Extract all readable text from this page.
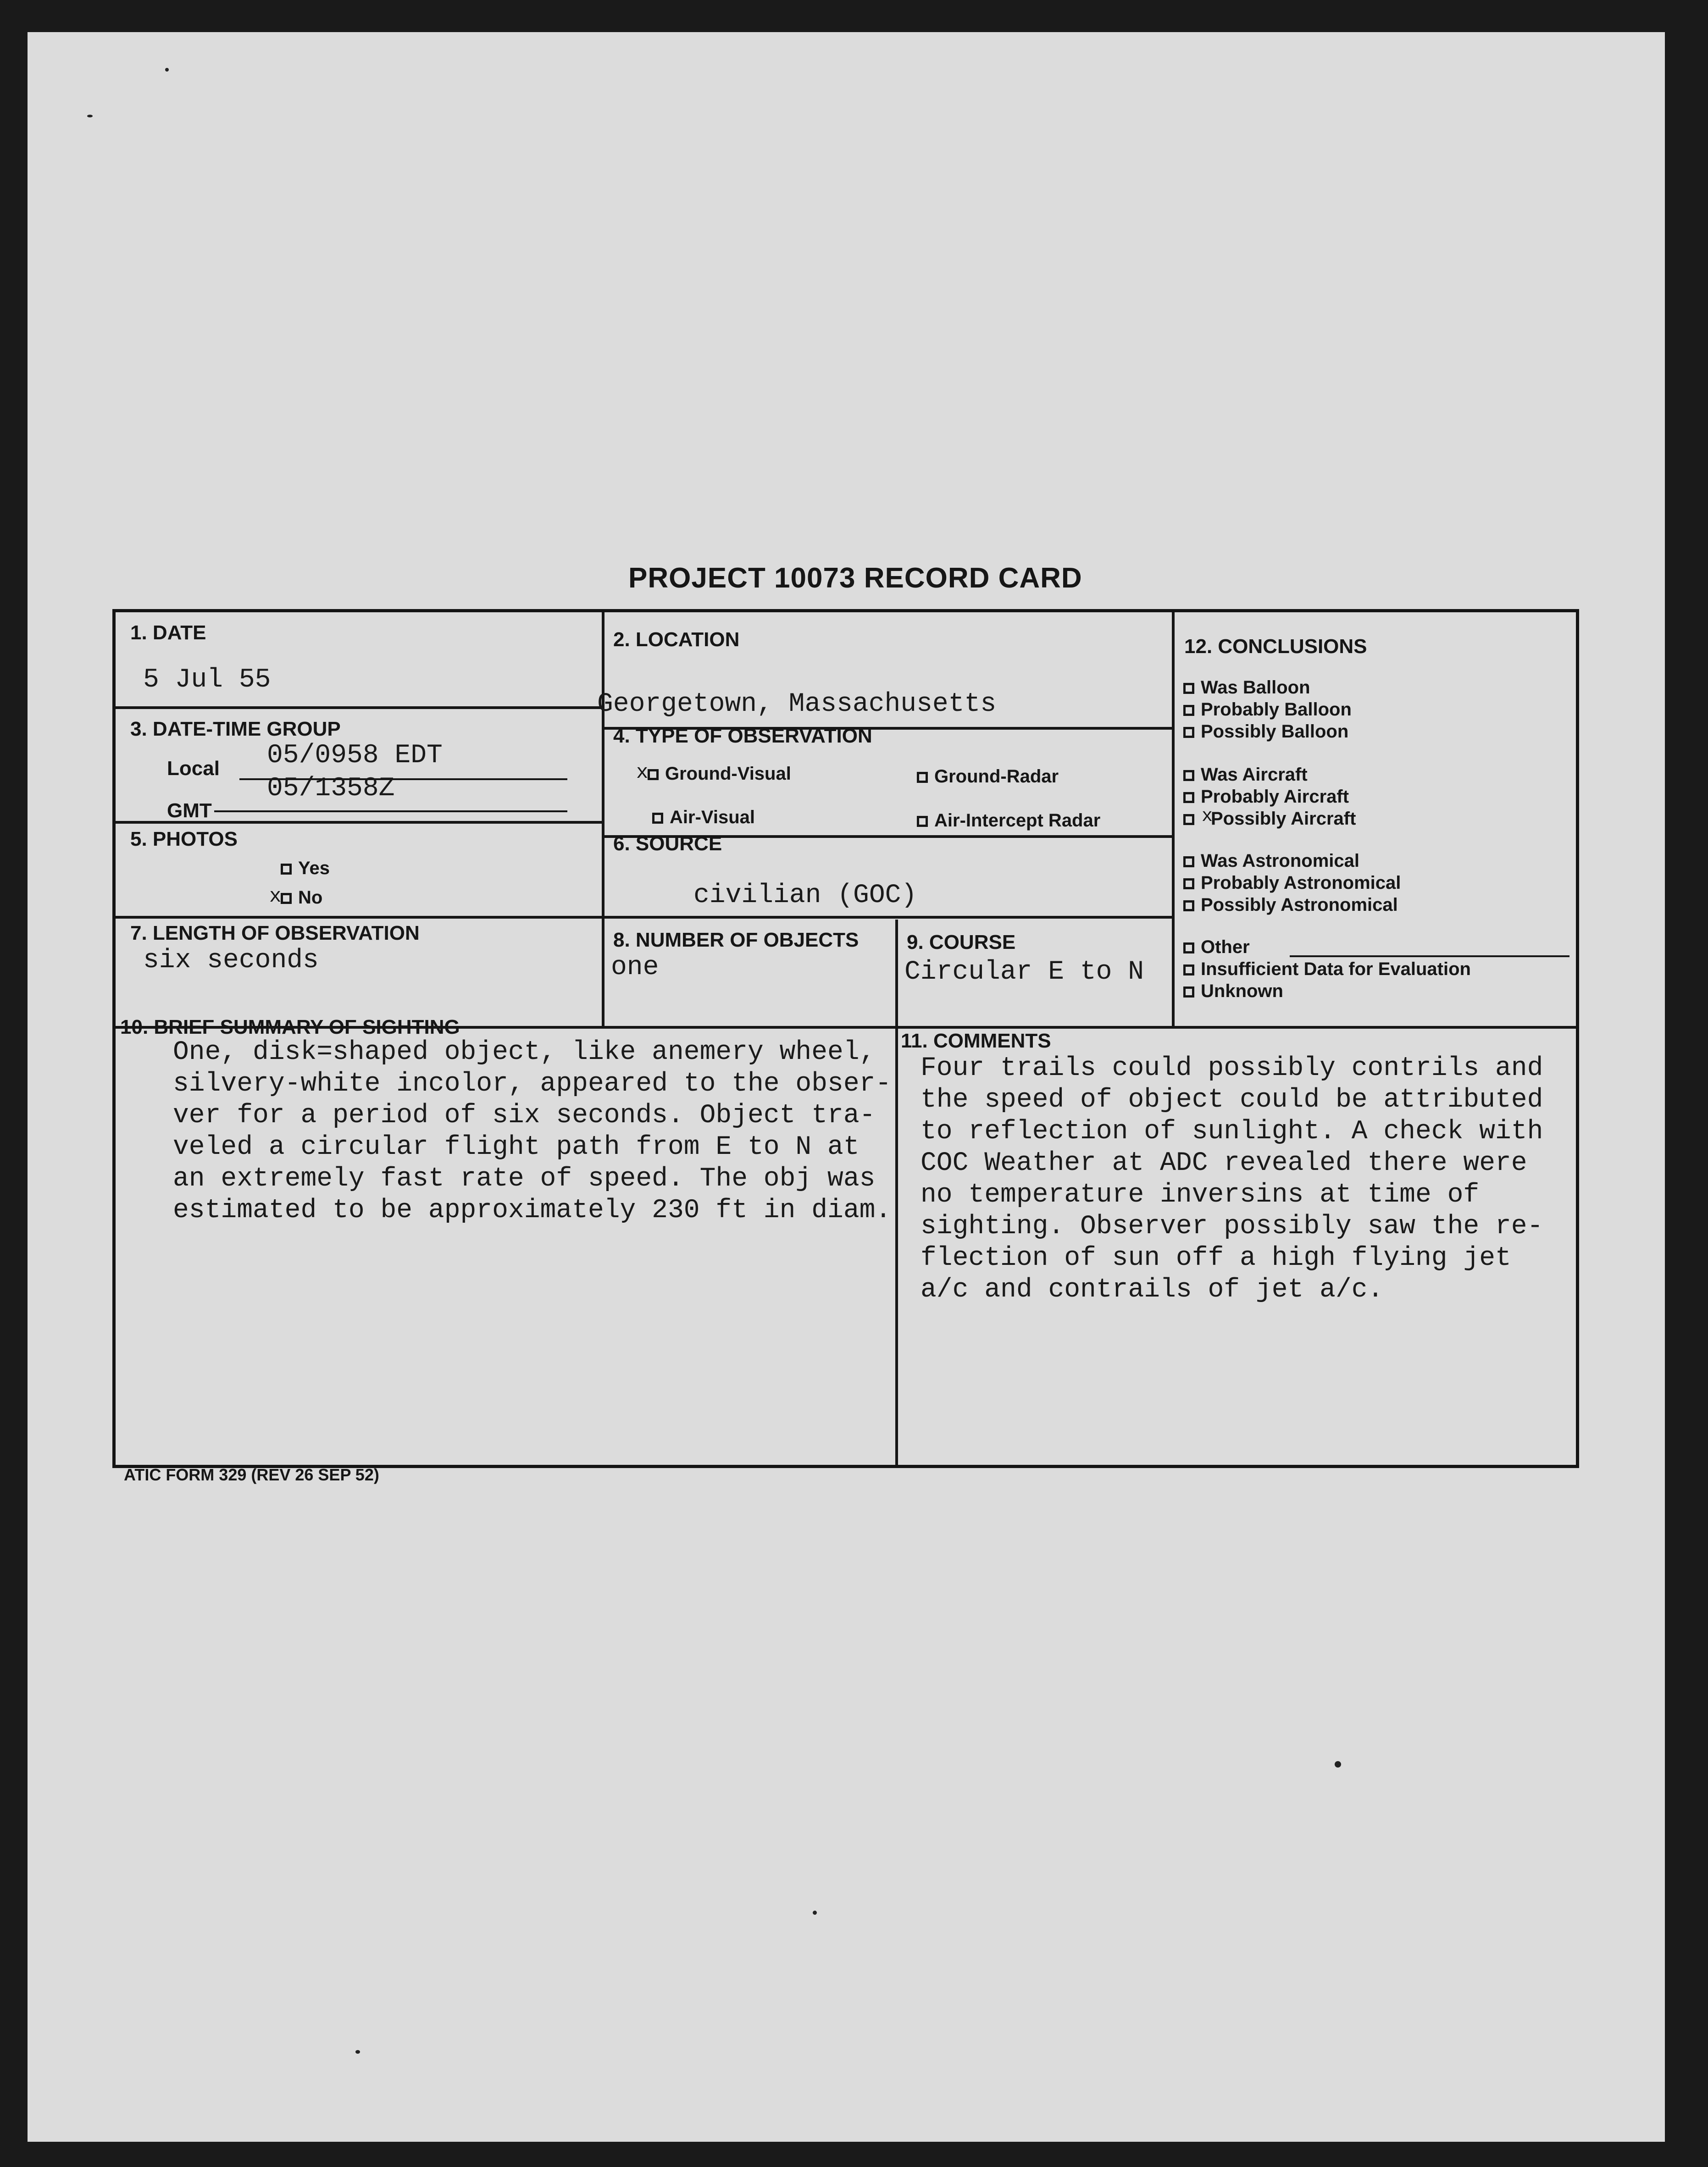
PROJECT 10073 RECORD CARD
1. DATE
5 Jul 55
2. LOCATION
Georgetown, Massachusetts
3. DATE-TIME GROUP
Local 05/0958 EDT
GMT
05/1358Z
4. TYPE OF OBSERVATION
xGround-Visual	Ground-Radar
Air-Visual	Air-Intercept Radar
5. PHOTOS
Yes
xNo
6. SOURCE
civilian (GOC)
7. LENGTH OF OBSERVATION
six seconds
8. NUMBER OF OBJECTS
one
9. COURSE
Circular E to N
12. CONCLUSIONS
Was Balloon
Probably Balloon
Possibly Balloon
Was Aircraft
Probably Aircraft
x
Possibly Aircraft
Was Astronomical
Probably Astronomical
Possibly Astronomical
Other
Insufficient Data for Evaluation
Unknown
10. BRIEF SUMMARY OF SIGHTING
One, disk=shaped object, like anemery wheel,
silvery-white incolor, appeared to the obser-
ver for a period of six seconds. Object tra-
veled a circular flight path from E to N at
an extremely fast rate of speed. The obj was
estimated to be approximately 230 ft in diam.
11. COMMENTS
Four trails could possibly contrils and
the speed of object could be attributed
to reflection of sunlight. A check with
COC Weather at ADC revealed there were
no temperature inversins at time of
sighting. Observer possibly saw the re-
flection of sun off a high flying jet
a/c and contrails of jet a/c.
ATIC FORM 329 (REV 26 SEP 52)
